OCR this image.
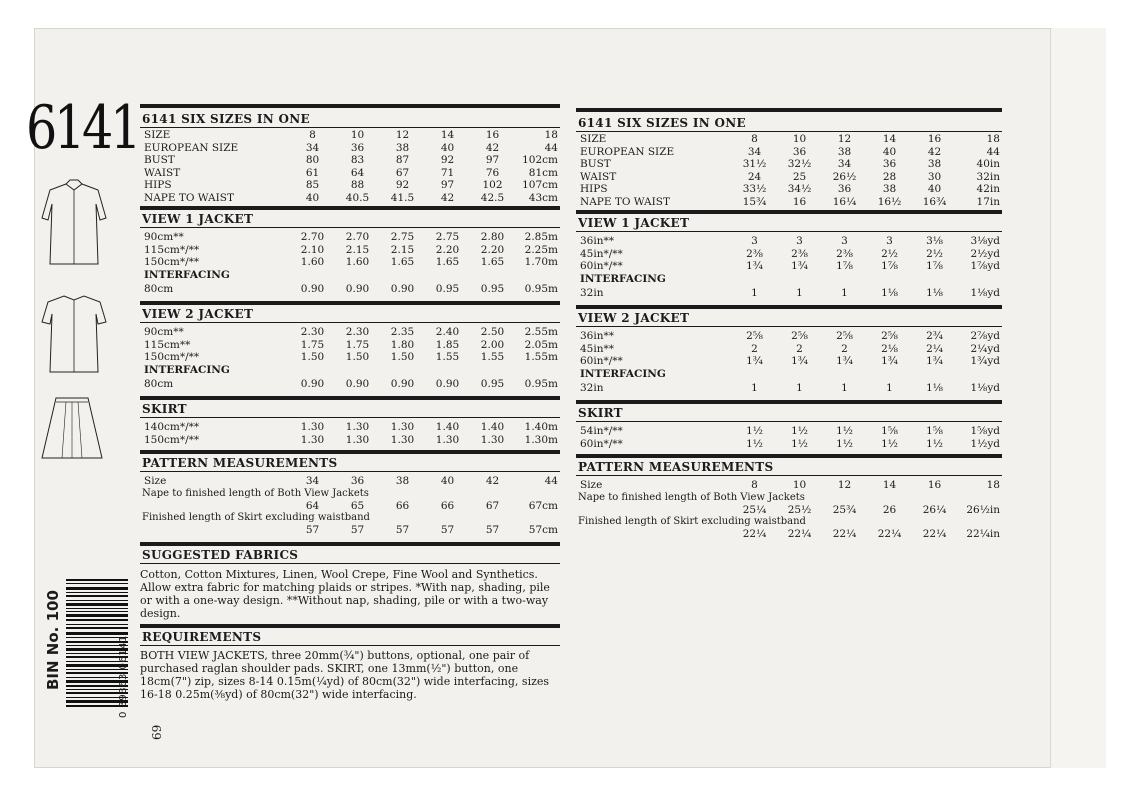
6141
BIN No. 100	0 39363 06141
69
6141 SIX SIZES IN ONE
SIZE	8	10	12	14	16	18
EUROPEAN SIZE	34	36	38	40	42	44
BUST	80	83	87	92	97	102cm
WAIST	61	64	67	71	76	81cm
HIPS	85	88	92	97	102	107cm
NAPE TO WAIST	40	40.5	41.5	42	42.5	43cm
VIEW 1 JACKET
90cm**	2.70	2.70	2.75	2.75	2.80	2.85m
115cm*/**	2.10	2.15	2.15	2.20	2.20	2.25m
150cm*/**	1.60	1.60	1.65	1.65	1.65	1.70m
INTERFACING						
80cm	0.90	0.90	0.90	0.95	0.95	0.95m
VIEW 2 JACKET
90cm**	2.30	2.30	2.35	2.40	2.50	2.55m
115cm**	1.75	1.75	1.80	1.85	2.00	2.05m
150cm*/**	1.50	1.50	1.50	1.55	1.55	1.55m
INTERFACING						
80cm	0.90	0.90	0.90	0.90	0.95	0.95m
SKIRT
140cm*/**	1.30	1.30	1.30	1.40	1.40	1.40m
150cm*/**	1.30	1.30	1.30	1.30	1.30	1.30m
PATTERN MEASUREMENTS
Size	34	36	38	40	42	44
Nape to finished length of Both View Jackets
	64	65	66	66	67	67cm
Finished length of Skirt excluding waistband
	57	57	57	57	57	57cm
SUGGESTED FABRICS
Cotton, Cotton Mixtures, Linen, Wool Crepe, Fine Wool and Synthetics.
Allow extra fabric for matching plaids or stripes. *With nap, shading, pile
or with a one-way design. **Without nap, shading, pile or with a two-way
design.
REQUIREMENTS
BOTH VIEW JACKETS, three 20mm(¾") buttons, optional, one pair of
purchased raglan shoulder pads. SKIRT, one 13mm(½") button, one
18cm(7") zip, sizes 8-14 0.15m(¼yd) of 80cm(32") wide interfacing, sizes
16-18 0.25m(⅜yd) of 80cm(32") wide interfacing.
6141 SIX SIZES IN ONE
SIZE	8	10	12	14	16	18
EUROPEAN SIZE	34	36	38	40	42	44
BUST	31½	32½	34	36	38	40in
WAIST	24	25	26½	28	30	32in
HIPS	33½	34½	36	38	40	42in
NAPE TO WAIST	15¾	16	16¼	16½	16¾	17in
VIEW 1 JACKET
36in**	3	3	3	3	3⅛	3⅛yd
45in*/**	2⅜	2⅜	2⅜	2½	2½	2½yd
60in*/**	1¾	1¾	1⅞	1⅞	1⅞	1⅞yd
INTERFACING						
32in	1	1	1	1⅛	1⅛	1⅛yd
VIEW 2 JACKET
36in**	2⅝	2⅝	2⅝	2⅝	2¾	2⅞yd
45in**	2	2	2	2⅛	2¼	2¼yd
60in*/**	1¾	1¾	1¾	1¾	1¾	1¾yd
INTERFACING						
32in	1	1	1	1	1⅛	1⅛yd
SKIRT
54in*/**	1½	1½	1½	1⅝	1⅝	1⅝yd
60in*/**	1½	1½	1½	1½	1½	1½yd
PATTERN MEASUREMENTS
Size	8	10	12	14	16	18
Nape to finished length of Both View Jackets
	25¼	25½	25¾	26	26¼	26½in
Finished length of Skirt excluding waistband
	22¼	22¼	22¼	22¼	22¼	22¼in
